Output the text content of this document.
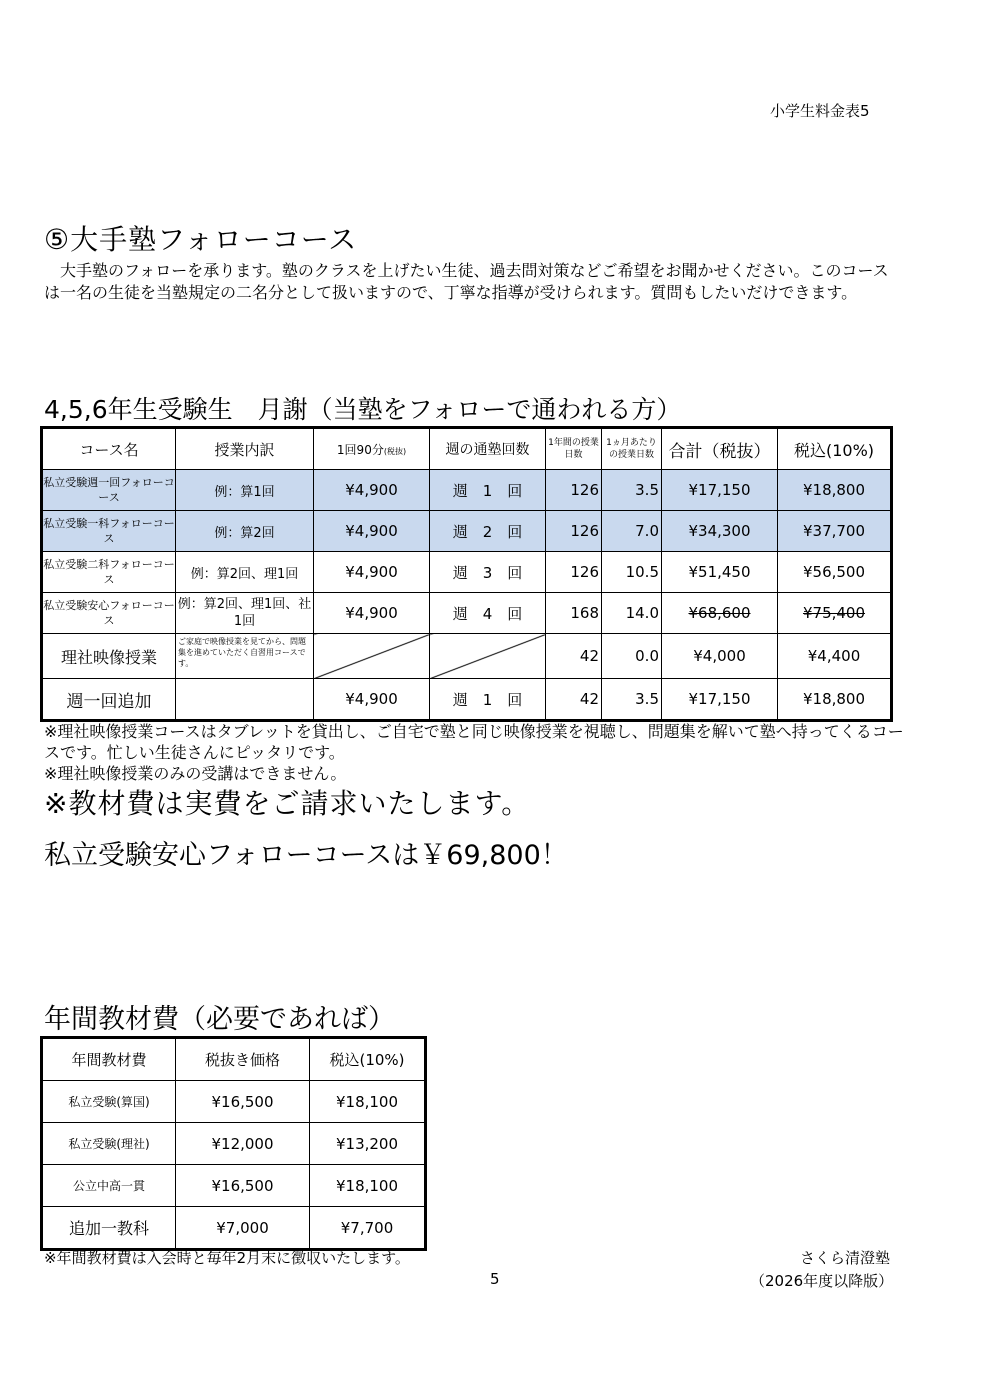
小学生料金表5
⑤大手塾フォローコース
　大手塾のフォローを承ります。塾のクラスを上げたい生徒、過去問対策などご希望をお聞かせください。このコースは一名の生徒を当塾規定の二名分として扱いますので、丁寧な指導が受けられます。質問もしたいだけできます。
4,5,6年生受験生　月謝（当塾をフォローで通われる方）
コース名	授業内訳	1回90分(税抜)	週の通塾回数	1年間の授業日数	1ヵ月あたりの授業日数	合計（税抜）	税込(10%)
私立受験週一回フォローコース	例：算1回	¥4,900	週　1　回	126	3.5	¥17,150	¥18,800
私立受験一科フォローコース	例：算2回	¥4,900	週　2　回	126	7.0	¥34,300	¥37,700
私立受験二科フォローコース	例：算2回、理1回	¥4,900	週　3　回	126	10.5	¥51,450	¥56,500
私立受験安心フォローコース	例：算2回、理1回、社1回	¥4,900	週　4　回	168	14.0	¥68,600	¥75,400
理社映像授業	ご家庭で映像授業を見てから、問題集を進めていただく自習用コースです。			42	0.0	¥4,000	¥4,400
週一回追加		¥4,900	週　1　回	42	3.5	¥17,150	¥18,800
※理社映像授業コースはタブレットを貸出し、ご自宅で塾と同じ映像授業を視聴し、問題集を解いて塾へ持ってくるコースです。忙しい生徒さんにピッタリです。
※理社映像授業のみの受講はできません。
※教材費は実費をご請求いたします。
私立受験安心フォローコースは￥69,800！
年間教材費（必要であれば）
年間教材費	税抜き価格	税込(10%)
私立受験(算国)	¥16,500	¥18,100
私立受験(理社)	¥12,000	¥13,200
公立中高一貫	¥16,500	¥18,100
追加一教科	¥7,000	¥7,700
※年間教材費は入会時と毎年2月末に徴収いたします。	さくら清澄塾
5	（2026年度以降版）
